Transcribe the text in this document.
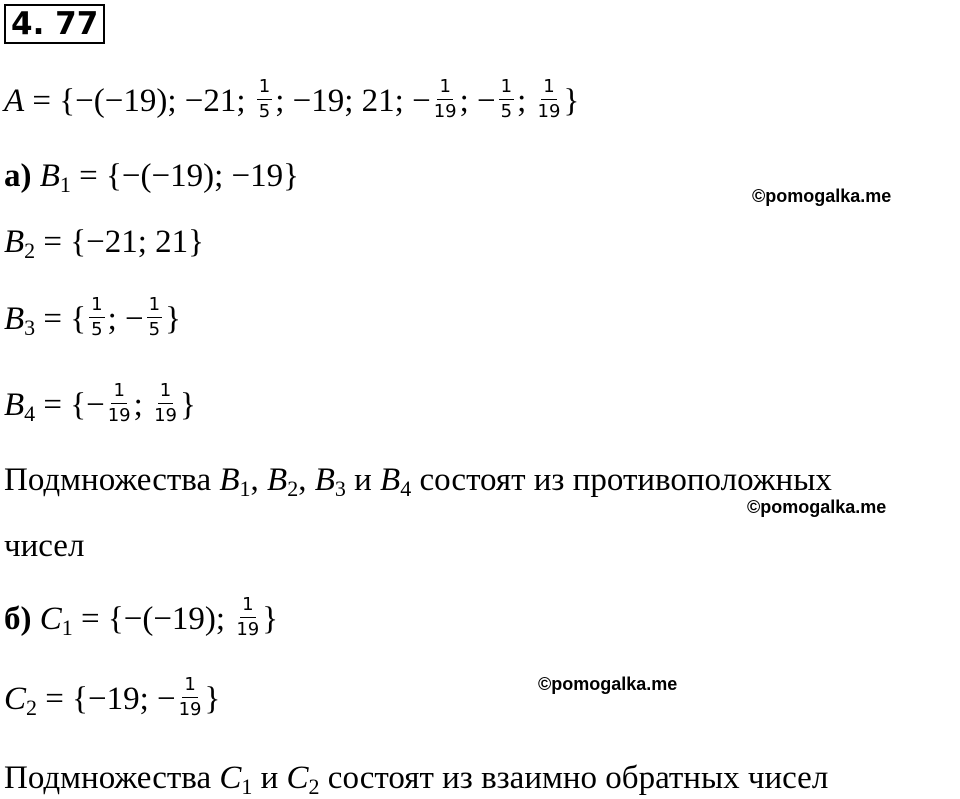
4. 77
A = {−(−19); −21; $\frac{1}{5}$ ; −19; 21; − $\frac{1}{19}$ ; − $\frac{1}{5}$ ; $\frac{1}{19}$ }
а) $B_1 = \{-(-19)$; −19}
©pomogalka.me
$B_2 = \{-21$; 21}
$B_3$ = { $\frac{1}{5}$ ; − $\frac{1}{5}$ }
$B_4$ = {− $\frac{1}{19}$ ; $\frac{1}{19}$ }
Подмножества $B_1$, $B_2$, $B_3$ и $B_4$ состоят из противоположных
©pomogalka.me
чисел
б) $C_1 = \{-(-19)$; $\frac{1}{19}$ }
©pomogalka.me
$C_2 = \{-19$; − $\frac{1}{19}$ }
Подмножества $C_1$ и $C_2$ состоят из взаимно обратных чисел
